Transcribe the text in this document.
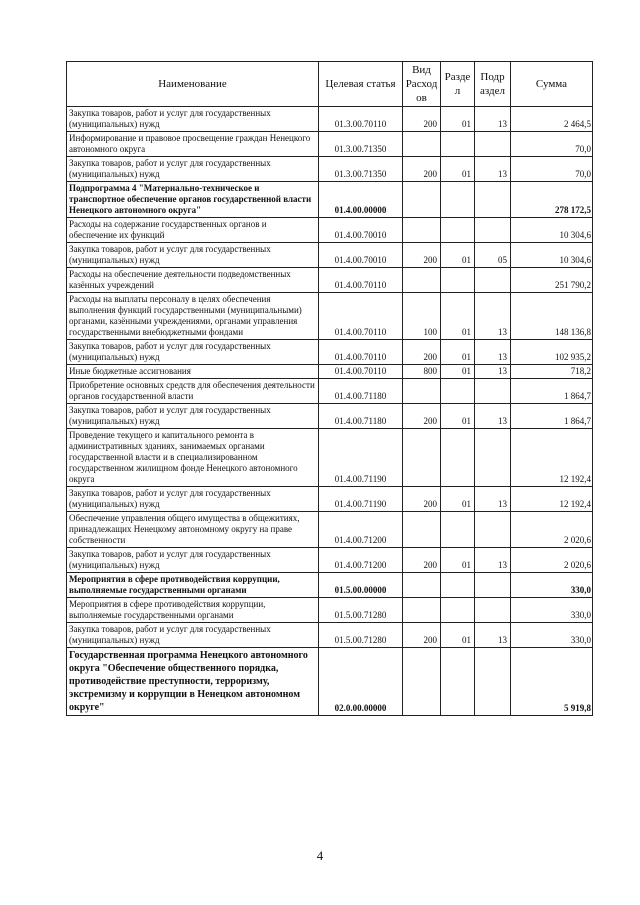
Наименование	Целевая статья	Вид Расход ов	Разде л	Подр аздел	Сумма
Закупка товаров, работ и услуг для государственных (муниципальных) нужд	01.3.00.70110	200	01	13	2 464,5
Информирование и правовое просвещение граждан Ненецкого автономного округа	01.3.00.71350				70,0
Закупка товаров, работ и услуг для государственных (муниципальных) нужд	01.3.00.71350	200	01	13	70,0
Подпрограмма 4 "Материально-техническое и транспортное обеспечение органов государственной власти Ненецкого автономного округа"	01.4.00.00000				278 172,5
Расходы на содержание государственных органов и обеспечение их функций	01.4.00.70010				10 304,6
Закупка товаров, работ и услуг для государственных (муниципальных) нужд	01.4.00.70010	200	01	05	10 304,6
Расходы на обеспечение деятельности подведомственных казённых учреждений	01.4.00.70110				251 790,2
Расходы на выплаты персоналу в целях обеспечения выполнения функций государственными (муниципальными) органами, казёнными учреждениями, органами управления государственными внебюджетными фондами	01.4.00.70110	100	01	13	148 136,8
Закупка товаров, работ и услуг для государственных (муниципальных) нужд	01.4.00.70110	200	01	13	102 935,2
Иные бюджетные ассигнования	01.4.00.70110	800	01	13	718,2
Приобретение основных средств для обеспечения деятельности органов государственной власти	01.4.00.71180				1 864,7
Закупка товаров, работ и услуг для государственных (муниципальных) нужд	01.4.00.71180	200	01	13	1 864,7
Проведение текущего и капитального ремонта в административных зданиях, занимаемых органами государственной власти и в специализированном государственном жилищном фонде Ненецкого автономного округа	01.4.00.71190				12 192,4
Закупка товаров, работ и услуг для государственных (муниципальных) нужд	01.4.00.71190	200	01	13	12 192,4
Обеспечение управления общего имущества в общежитиях, принадлежащих Ненецкому автономному округу на праве собственности	01.4.00.71200				2 020,6
Закупка товаров, работ и услуг для государственных (муниципальных) нужд	01.4.00.71200	200	01	13	2 020,6
Мероприятия в сфере противодействия коррупции, выполняемые государственными органами	01.5.00.00000				330,0
Мероприятия в сфере противодействия коррупции, выполняемые государственными органами	01.5.00.71280				330,0
Закупка товаров, работ и услуг для государственных (муниципальных) нужд	01.5.00.71280	200	01	13	330,0
Государственная программа Ненецкого автономного округа "Обеспечение общественного порядка, противодействие преступности, терроризму, экстремизму и коррупции в Ненецком автономном округе"	02.0.00.00000				5 919,8
4
